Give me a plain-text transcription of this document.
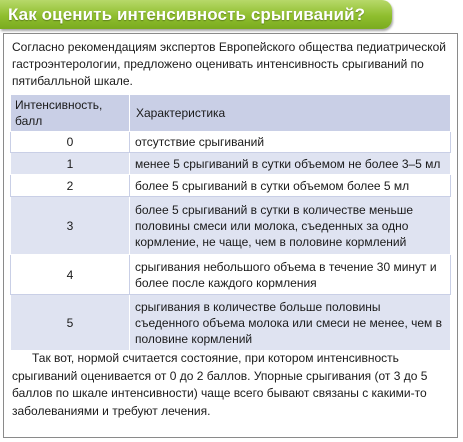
Как оценить интенсивность срыгиваний?
Согласно рекомендациям экспертов Европейского общества педиатрической гастроэнтерологии, предложено оценивать интенсивность срыгиваний по пятибалльной шкале.
Интенсивность, балл	Характеристика
0	отсутствие срыгиваний
1	менее 5 срыгиваний в сутки объемом не более 3–5 мл
2	более 5 срыгиваний в сутки объемом более 5 мл
3	более 5 срыгиваний в сутки в количестве меньше половины смеси или молока, съеденных за одно кормление, не чаще, чем в половине кормлений
4	срыгивания небольшого объема в течение 30 минут и более после каждого кормления
5	срыгивания в количестве больше половины съеденного объема молока или смеси не менее, чем в половине кормлений
Так вот, нормой считается состояние, при котором интенсивность срыгиваний оценивается от 0 до 2 баллов. Упорные срыгивания (от 3 до 5 баллов по шкале интенсивности) чаще всего бывают связаны с какими-то заболеваниями и требуют лечения.
